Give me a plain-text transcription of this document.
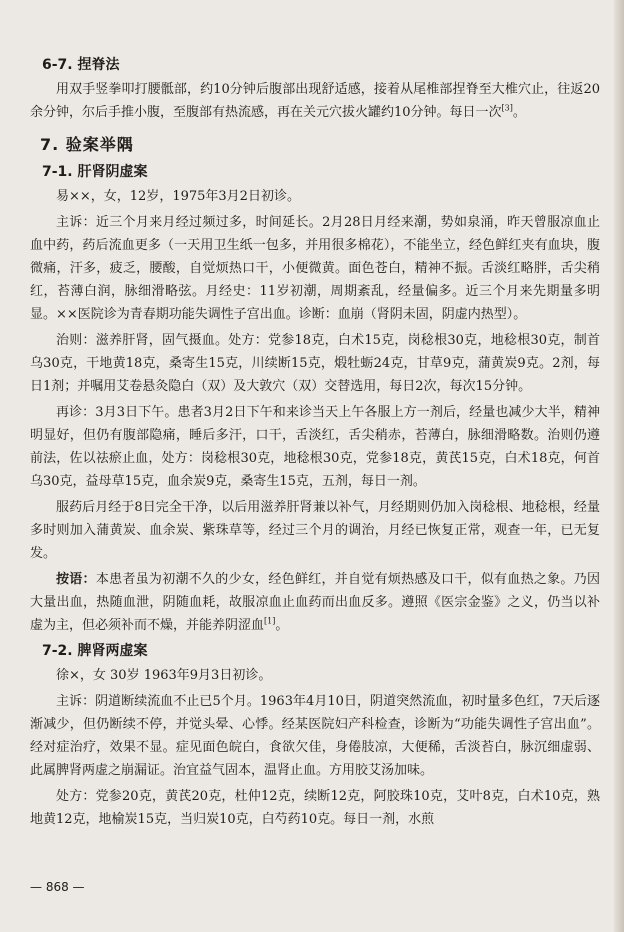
6-7. 捏脊法

用双手竖拳叩打腰骶部，约10分钟后腹部出现舒适感，接着从尾椎部捏脊至大椎穴止，往返20余分钟，尔后手推小腹，至腹部有热流感，再在关元穴拔火罐约10分钟。每日一次[3]。

7. 验案举隅
7-1. 肝肾阴虚案

易××，女，12岁，1975年3月2日初诊。

主诉：近三个月来月经过频过多，时间延长。2月28日月经来潮，势如泉涌，昨天曾服凉血止血中药，药后流血更多（一天用卫生纸一包多，并用很多棉花），不能坐立，经色鲜红夹有血块，腹微痛，汗多，疲乏，腰酸，自觉烦热口干，小便微黄。面色苍白，精神不振。舌淡红略胖，舌尖稍红，苔薄白润，脉细滑略弦。月经史：11岁初潮，周期紊乱，经量偏多。近三个月来先期量多明显。××医院诊为青春期功能失调性子宫出血。诊断：血崩（肾阴未固，阴虚内热型）。

治则：滋养肝肾，固气摄血。处方：党参18克，白术15克，岗稔根30克，地稔根30克，制首乌30克，干地黄18克，桑寄生15克，川续断15克，煅牡蛎24克，甘草9克，蒲黄炭9克。2剂，每日1剂；并嘱用艾卷悬灸隐白（双）及大敦穴（双）交替选用，每日2次，每次15分钟。

再诊：3月3日下午。患者3月2日下午和来诊当天上午各服上方一剂后，经量也减少大半，精神明显好，但仍有腹部隐痛，睡后多汗，口干，舌淡红，舌尖稍赤，苔薄白，脉细滑略数。治则仍遵前法，佐以祛瘀止血，处方：岗稔根30克，地稔根30克，党参18克，黄芪15克，白术18克，何首乌30克，益母草15克，血余炭9克，桑寄生15克，五剂，每日一剂。

服药后月经于8日完全干净，以后用滋养肝肾兼以补气，月经期则仍加入岗稔根、地稔根，经量多时则加入蒲黄炭、血余炭、紫珠草等，经过三个月的调治，月经已恢复正常，观查一年，已无复发。

按语：本患者虽为初潮不久的少女，经色鲜红，并自觉有烦热感及口干，似有血热之象。乃因大量出血，热随血泄，阴随血耗，故服凉血止血药而出血反多。遵照《医宗金鉴》之义，仍当以补虚为主，但必须补而不燥，并能养阴涩血[1]。

7-2. 脾肾两虚案

徐×，女 30岁 1963年9月3日初诊。

主诉：阴道断续流血不止已5个月。1963年4月10日，阴道突然流血，初时量多色红，7天后逐渐减少，但仍断续不停，并觉头晕、心悸。经某医院妇产科检查，诊断为“功能失调性子宫出血”。经对症治疗，效果不显。症见面色皖白，食欲欠佳，身倦肢凉，大便稀，舌淡苔白，脉沉细虚弱、此属脾肾两虚之崩漏证。治宜益气固本，温肾止血。方用胶艾汤加味。

处方：党参20克，黄芪20克，杜仲12克，续断12克，阿胶珠10克，艾叶8克，白术10克，熟地黄12克，地榆炭15克，当归炭10克，白芍药10克。每日一剂，水煎

— 868 —
